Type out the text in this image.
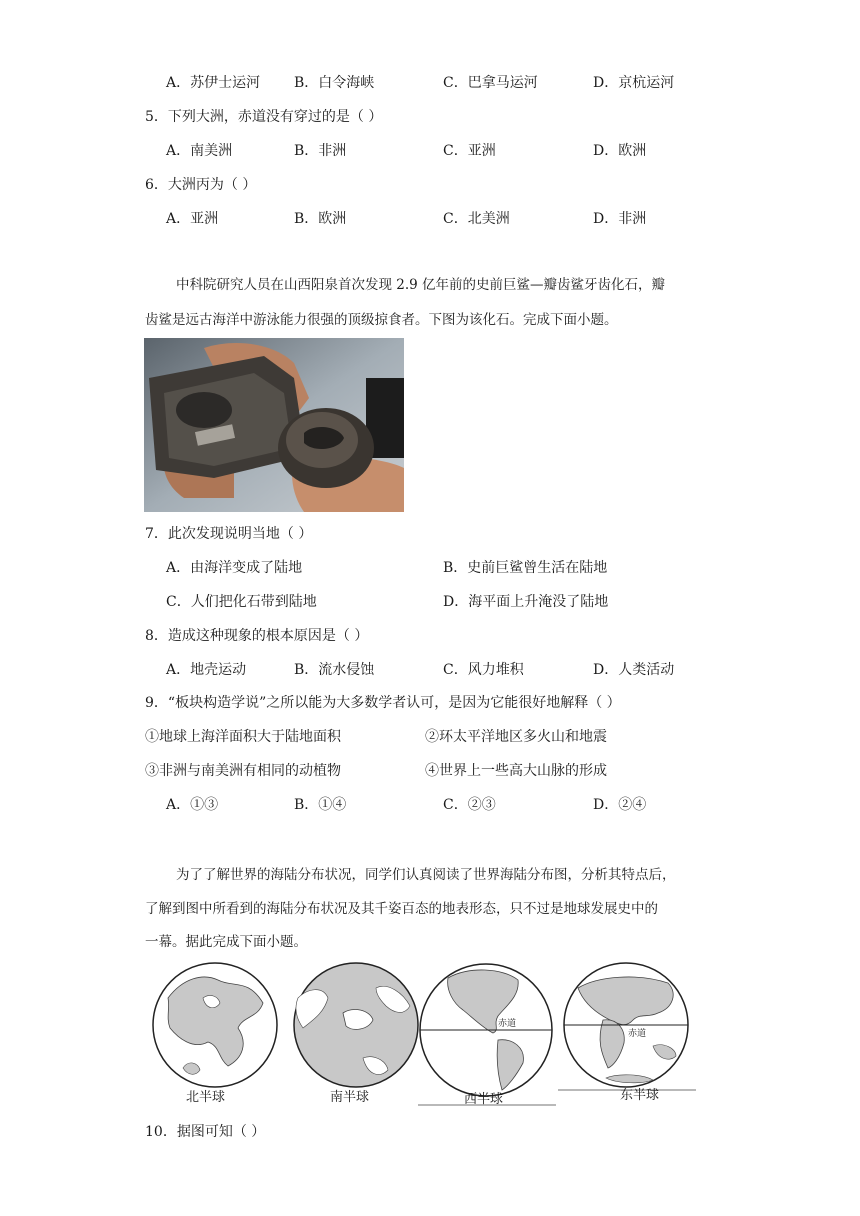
A．苏伊士运河 B．白令海峡	C．巴拿马运河	D．京杭运河
5．下列大洲，赤道没有穿过的是（ ）
A．南美洲	B．非洲	C．亚洲	D．欧洲
6．大洲丙为（ ）
A．亚洲	B．欧洲	C．北美洲	D．非洲
中科院研究人员在山西阳泉首次发现 2.9 亿年前的史前巨鲨—瓣齿鲨牙齿化石，瓣
齿鲨是远古海洋中游泳能力很强的顶级掠食者。下图为该化石。完成下面小题。
7．此次发现说明当地（ ）
A．由海洋变成了陆地	B．史前巨鲨曾生活在陆地
C．人们把化石带到陆地	D．海平面上升淹没了陆地
8．造成这种现象的根本原因是（ ）
A．地壳运动	B．流水侵蚀	C．风力堆积	D．人类活动
9．“板块构造学说”之所以能为大多数学者认可，是因为它能很好地解释（ ）
①地球上海洋面积大于陆地面积	②环太平洋地区多火山和地震
③非洲与南美洲有相同的动植物	④世界上一些高大山脉的形成
A．①③	B．①④	C．②③	D．②④
为了了解世界的海陆分布状况，同学们认真阅读了世界海陆分布图，分析其特点后，
了解到图中所看到的海陆分布状况及其千姿百态的地表形态，只不过是地球发展史中的
一幕。据此完成下面小题。
赤道
赤道
北半球	南半球	西半球	东半球
10．据图可知（ ）
